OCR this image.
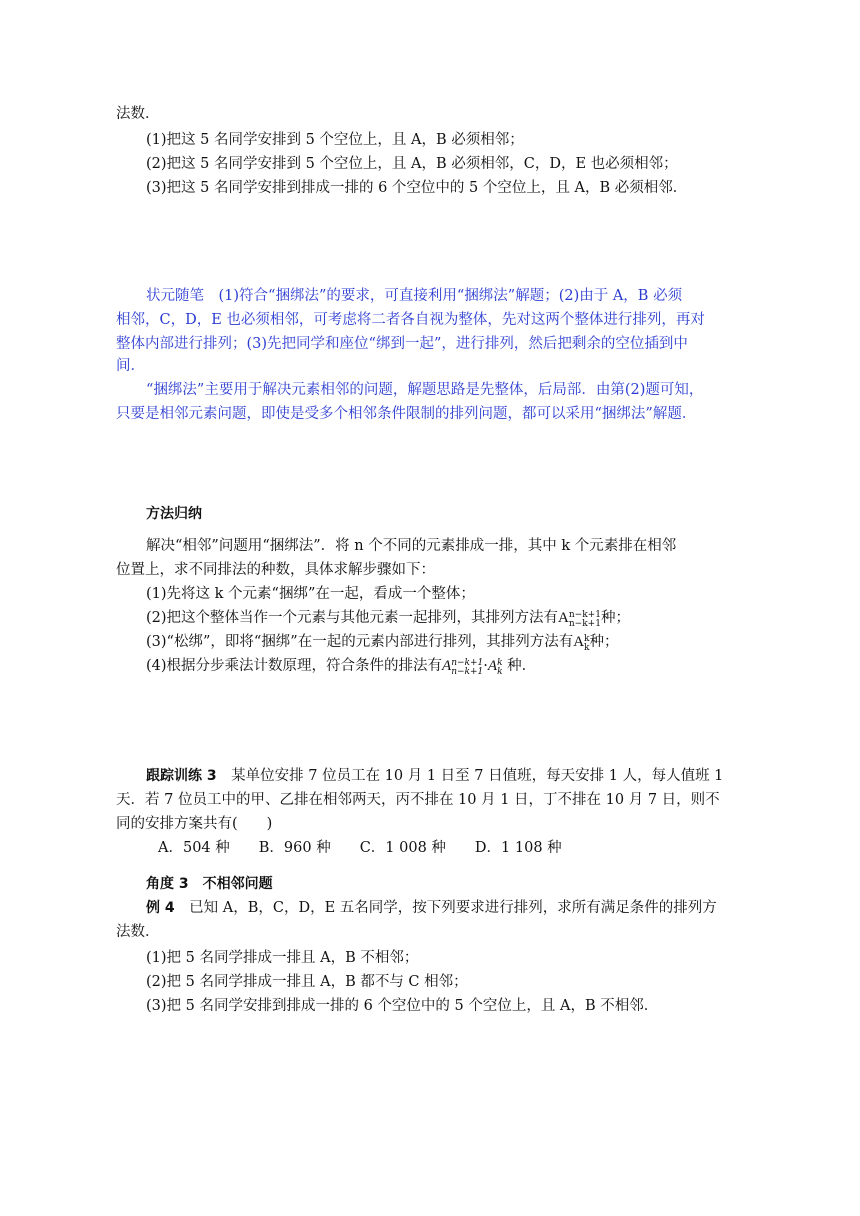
法数．
(1)把这 5 名同学安排到 5 个空位上，且 A，B 必须相邻；
(2)把这 5 名同学安排到 5 个空位上，且 A，B 必须相邻，C，D，E 也必须相邻；
(3)把这 5 名同学安排到排成一排的 6 个空位中的 5 个空位上，且 A，B 必须相邻．
状元随笔　(1)符合“捆绑法”的要求，可直接利用“捆绑法”解题；(2)由于 A，B 必须
相邻，C，D，E 也必须相邻，可考虑将二者各自视为整体，先对这两个整体进行排列，再对
整体内部进行排列；(3)先把同学和座位“绑到一起”，进行排列，然后把剩余的空位插到中
间．
“捆绑法”主要用于解决元素相邻的问题，解题思路是先整体，后局部．由第(2)题可知，
只要是相邻元素问题，即使是受多个相邻条件限制的排列问题，都可以采用“捆绑法”解题．
方法归纳
解决“相邻”问题用“捆绑法”．将 n 个不同的元素排成一排，其中 k 个元素排在相邻
位置上，求不同排法的种数，具体求解步骤如下：
(1)先将这 k 个元素“捆绑”在一起，看成一个整体；
(2)把这个整体当作一个元素与其他元素一起排列，其排列方法有A n−k+1
n−k+1 种；
(3)“松绑”，即将“捆绑”在一起的元素内部进行排列，其排列方法有A k
k 种；
(4)根据分步乘法计数原理，符合条件的排法有A n−k+1
n−k+1 ·A k
k 种．
跟踪训练 3　某单位安排 7 位员工在 10 月 1 日至 7 日值班，每天安排 1 人，每人值班 1
天．若 7 位员工中的甲、乙排在相邻两天，丙不排在 10 月 1 日，丁不排在 10 月 7 日，则不
同的安排方案共有(　　)
A．504 种　　B．960 种　　C．1 008 种　　D．1 108 种
角度 3　不相邻问题
例 4　已知 A，B，C，D，E 五名同学，按下列要求进行排列，求所有满足条件的排列方
法数．
(1)把 5 名同学排成一排且 A，B 不相邻；
(2)把 5 名同学排成一排且 A，B 都不与 C 相邻；
(3)把 5 名同学安排到排成一排的 6 个空位中的 5 个空位上，且 A，B 不相邻．
